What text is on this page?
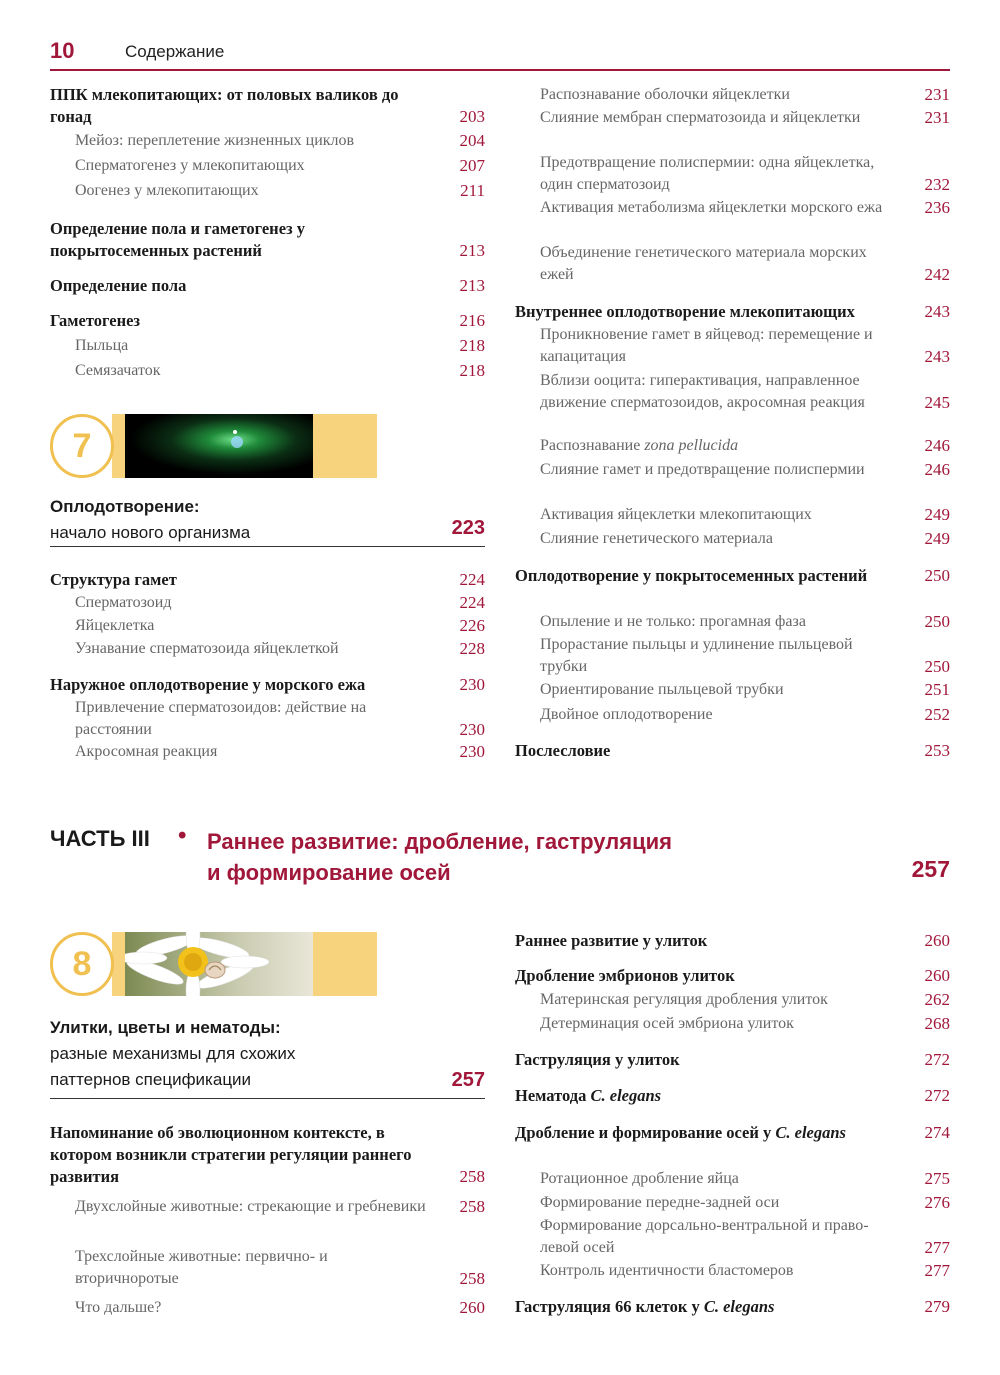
10	Содержание
ППК млекопитающих: от половых валиков до гонад	203
Мейоз: переплетение жизненных циклов	204
Сперматогенез у млекопитающих	207
Оогенез у млекопитающих	211
Определение пола и гаметогенез у покрытосеменных растений	213
Определение пола	213
Гаметогенез	216
Пыльца	218
Семязачаток	218
7
Оплодотворение:
начало нового организма	223
Структура гамет	224
Сперматозоид	224
Яйцеклетка	226
Узнавание сперматозоида яйцеклеткой	228
Наружное оплодотворение у морского ежа	230
Привлечение сперматозоидов: действие на расстоянии	230
Акросомная реакция	230
Распознавание оболочки яйцеклетки	231
Слияние мембран сперматозоида и яйцеклетки	231
Предотвращение полиспермии: одна яйцеклетка, один сперматозоид	232
Активация метаболизма яйцеклетки морского ежа	236
Объединение генетического материала морских ежей	242
Внутреннее оплодотворение млекопитающих	243
Проникновение гамет в яйцевод: перемещение и капацитация	243
Вблизи ооцита: гиперактивация, направленное движение сперматозоидов, акросомная реакция	245
Распознавание zona pellucida	246
Слияние гамет и предотвращение полиспермии	246
Активация яйцеклетки млекопитающих	249
Слияние генетического материала	249
Оплодотворение у покрытосеменных растений	250
Опыление и не только: прогамная фаза	250
Прорастание пыльцы и удлинение пыльцевой трубки	250
Ориентирование пыльцевой трубки	251
Двойное оплодотворение	252
Послесловие	253
ЧАСТЬ III • Раннее развитие: дробление, гаструляция
и формирование осей	257
8
Улитки, цветы и нематоды:
разные механизмы для схожих паттернов спецификации	257
Напоминание об эволюционном контексте, в котором возникли стратегии регуляции раннего развития	258
Двухслойные животные: стрекающие и гребневики	258
Трехслойные животные: первично- и вторичноротые	258
Что дальше?	260
Раннее развитие у улиток	260
Дробление эмбрионов улиток	260
Материнская регуляция дробления улиток	262
Детерминация осей эмбриона улиток	268
Гаструляция у улиток	272
Нематода C. elegans	272
Дробление и формирование осей у C. elegans	274
Ротационное дробление яйца	275
Формирование передне-задней оси	276
Формирование дорсально-вентральной и право-левой осей	277
Контроль идентичности бластомеров	277
Гаструляция 66 клеток у C. elegans	279
